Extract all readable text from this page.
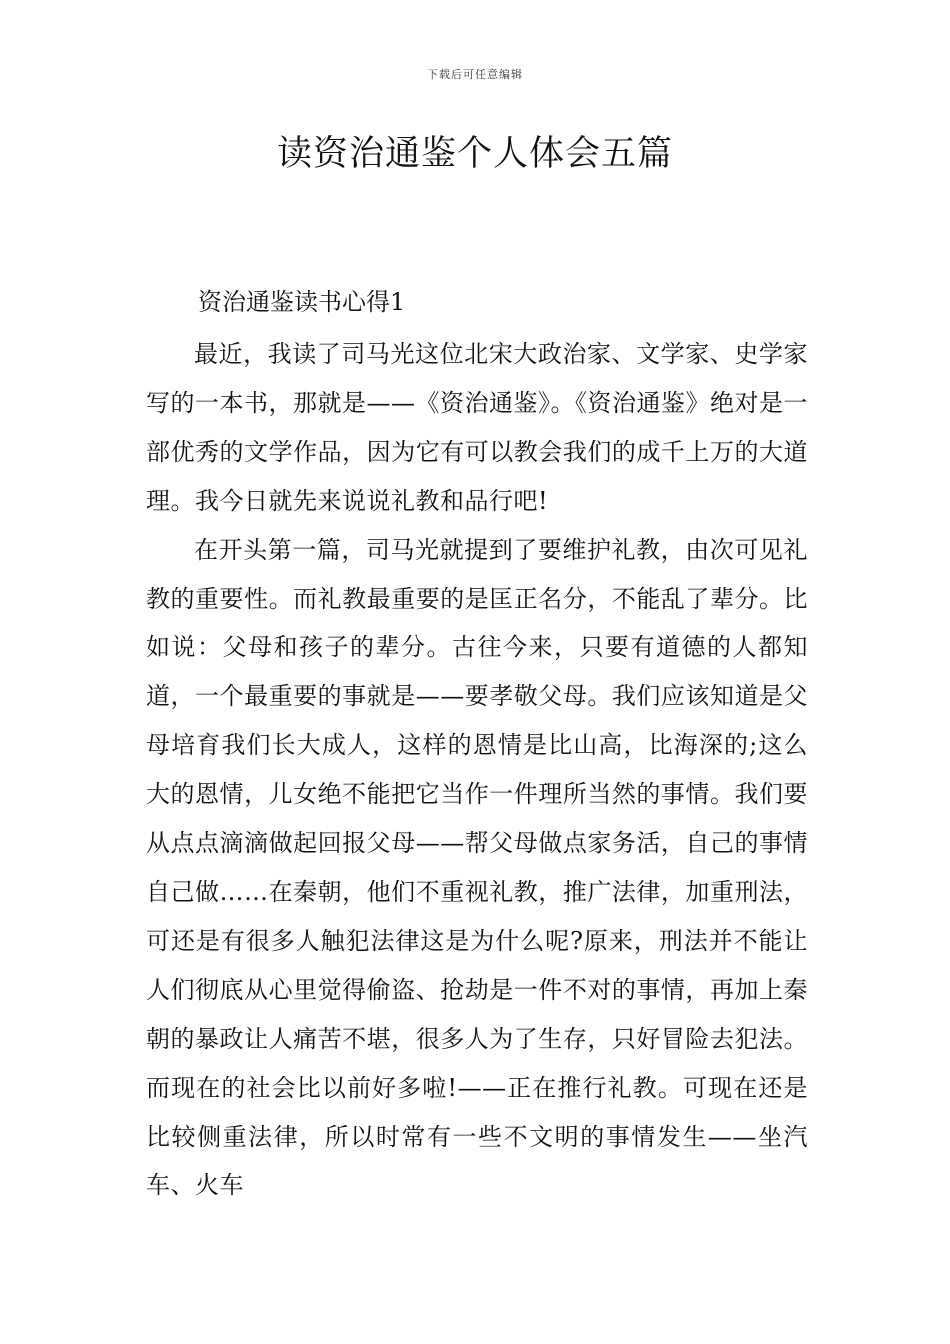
下载后可任意编辑
读资治通鉴个人体会五篇
资治通鉴读书心得1

最近，我读了司马光这位北宋大政治家、文学家、史学家写的一本书，那就是——《资治通鉴》。《资治通鉴》绝对是一部优秀的文学作品，因为它有可以教会我们的成千上万的大道理。我今日就先来说说礼教和品行吧!

在开头第一篇，司马光就提到了要维护礼教，由次可见礼教的重要性。而礼教最重要的是匡正名分，不能乱了辈分。比如说：父母和孩子的辈分。古往今来，只要有道德的人都知道，一个最重要的事就是——要孝敬父母。我们应该知道是父母培育我们长大成人，这样的恩情是比山高，比海深的;这么大的恩情，儿女绝不能把它当作一件理所当然的事情。我们要从点点滴滴做起回报父母——帮父母做点家务活，自己的事情自己做……在秦朝，他们不重视礼教，推广法律，加重刑法，可还是有很多人触犯法律这是为什么呢?原来，刑法并不能让人们彻底从心里觉得偷盗、抢劫是一件不对的事情，再加上秦朝的暴政让人痛苦不堪，很多人为了生存，只好冒险去犯法。而现在的社会比以前好多啦!——正在推行礼教。可现在还是比较侧重法律，所以时常有一些不文明的事情发生——坐汽车、火车
